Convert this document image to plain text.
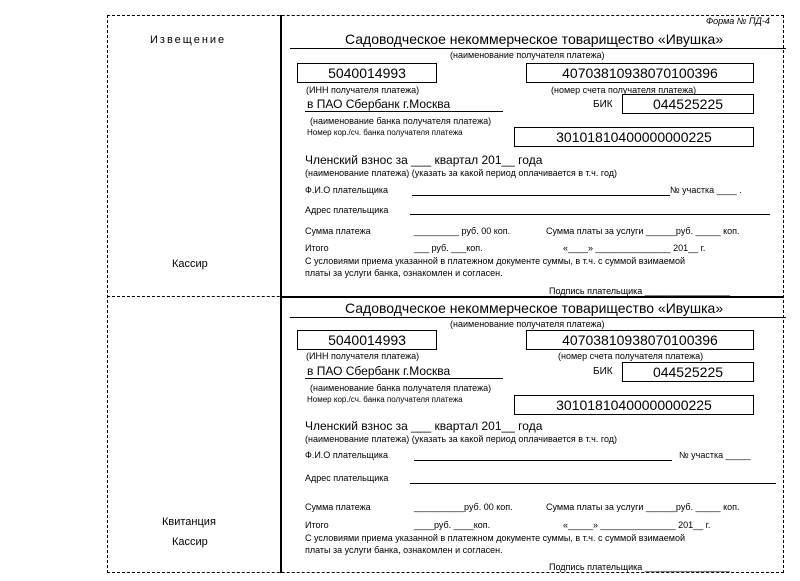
Форма № ПД-4
Извещение
Кассир
Квитанция
Кассир
Садоводческое некоммерческое товарищество «Ивушка»
(наименование получателя платежа)
5040014993	40703810938070100396
(ИНН получателя платежа)	(номер счета получателя платежа)
в ПАО Сбербанк г.Москва	БИК	044525225
(наименование банка получателя платежа)
Номер кор./сч. банка получателя платежа	30101810400000000225
Членский взнос за ___ квартал 201__ года
(наименование платежа) (указать за какой период оплачивается в т.ч. год)
Ф.И.О плательщика	№ участка ____ .
Адрес плательщика
Сумма платежа	_________ руб. 00 коп.	Сумма платы за услуги ______руб. _____ коп.
Итого	___ руб. ___коп.	«____» _______________ 201__ г.
С условиями приема указанной в платежном документе суммы, в т.ч. с суммой взимаемой
платы за услуги банка, ознакомлен и согласен.
Подпись плательщика _________________
Садоводческое некоммерческое товарищество «Ивушка»
(наименование получателя платежа)
5040014993	40703810938070100396
(ИНН получателя платежа)	(номер счета получателя платежа)
в ПАО Сбербанк г.Москва	БИК	044525225
(наименование банка получателя платежа)
Номер кор./сч. банка получателя платежа	30101810400000000225
Членский взнос за ___ квартал 201__ года
(наименование платежа) (указать за какой период оплачивается в т.ч. год)
Ф.И.О плательщика	№ участка _____
Адрес плательщика
Сумма платежа	__________руб. 00 коп.	Сумма платы за услуги ______руб. _____ коп.
Итого	____руб. ____коп.	«_____» _______________ 201__ г.
С условиями приема указанной в платежном документе суммы, в т.ч. с суммой взимаемой
платы за услуги банка, ознакомлен и согласен.
Подпись плательщика _________________
